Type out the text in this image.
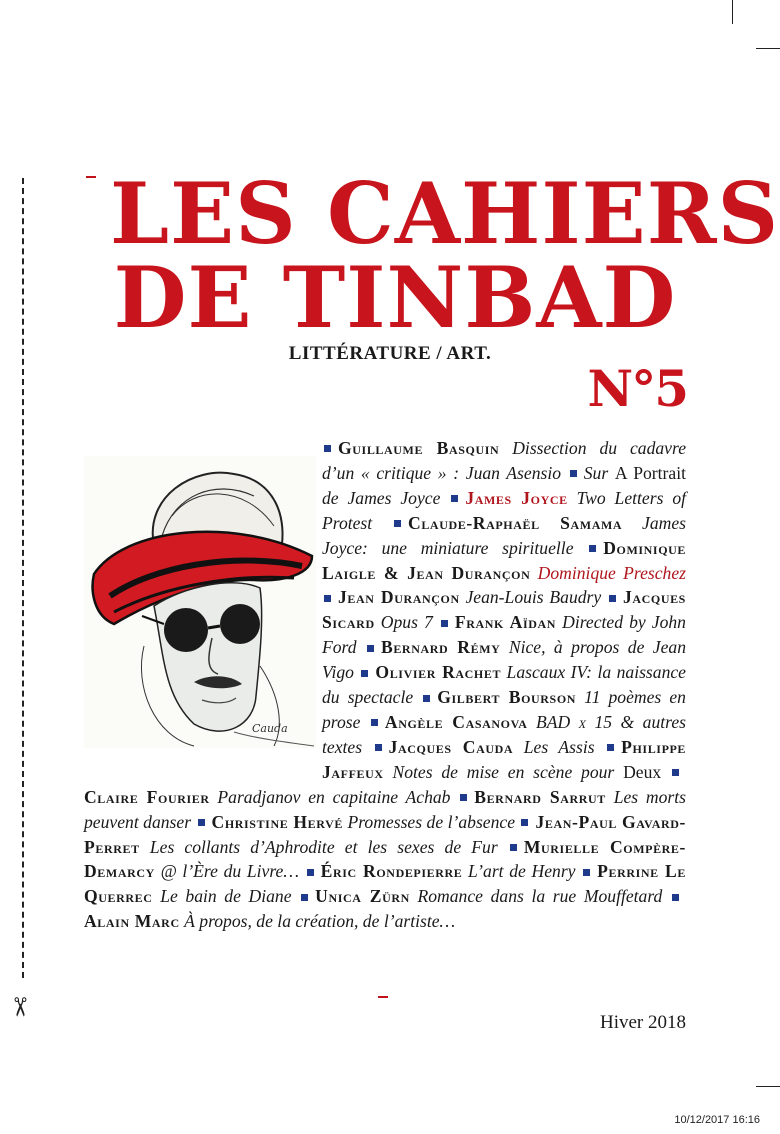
✂
LES CAHIERS
DE TINBAD
LITTÉRATURE / ART.
N°5
Cauda
Guillaume Basquin Dissection du cadavre d’un « critique » : Juan Asensio Sur A Portrait de James Joyce James Joyce Two Letters of Protest Claude-Raphaël Samama James Joyce: une miniature spirituelle Dominique Laigle & Jean Durançon Dominique Preschez Jean Durançon Jean-Louis Baudry Jacques Sicard Opus 7 Frank Aïdan Directed by John Ford Bernard Rémy Nice, à propos de Jean Vigo Olivier Rachet Lascaux IV: la naissance du spectacle Gilbert Bourson 11 poèmes en prose Angèle Casanova BAD x 15 & autres textes Jacques Cauda Les Assis Philippe Jaffeux Notes de mise en scène pour Deux Claire Fourier Paradjanov en capitaine Achab Bernard Sarrut Les morts peuvent danser Christine Hervé Promesses de l’absence Jean-Paul Gavard-Perret Les collants d’Aphrodite et les sexes de Fur Murielle Compère-Demarcy @ l’Ère du Livre… Éric Rondepierre L’art de Henry Perrine Le Querrec Le bain de Diane Unica Zürn Romance dans la rue Mouffetard Alain Marc À propos, de la création, de l’artiste…
Hiver 2018
10/12/2017 16:16
